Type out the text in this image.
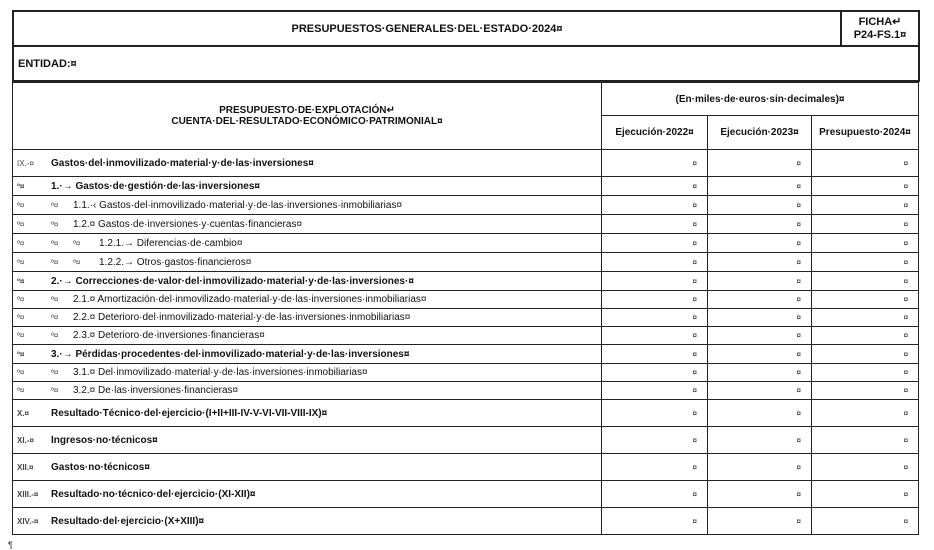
PRESUPUESTOS·GENERALES·DEL·ESTADO·2024¤	
FICHA↵
P24-FS.1¤

ENTIDAD:¤
PRESUPUESTO·DE·EXPLOTACIÓN↵
CUENTA·DEL·RESULTADO·ECONÓMICO·PATRIMONIAL¤	(En·miles·de·euros·sin·decimales)¤		
	Ejecución·2022¤	Ejecución·2023¤	Presupuesto·2024¤
IX.-¤ Gastos·del·inmovilizado·material·y·de·las·inversiones¤	¤	¤	¤
º¤ 1.·→ Gastos·de·gestión·de·las·inversiones¤	¤	¤	¤
º¤ º¤ 1.1.·‹ Gastos·del·inmovilizado·material·y·de·las·inversiones·inmobiliarias¤	¤	¤	¤
º¤ º¤ 1.2.¤ Gastos·de·inversiones·y·cuentas·financieras¤	¤	¤	¤
º¤ º¤ º¤ 1.2.1.→ Diferencias·de·cambio¤	¤	¤	¤
º¤ º¤ º¤ 1.2.2.→ Otros·gastos·financieros¤	¤	¤	¤
º¤ 2.·→ Correcciones·de·valor·del·inmovilizado·material·y·de·las·inversiones·¤	¤	¤	¤
º¤ º¤ 2.1.¤ Amortización·del·inmovilizado·material·y·de·las·inversiones·inmobiliarias¤	¤	¤	¤
º¤ º¤ 2.2.¤ Deterioro·del·inmovilizado·material·y·de·las·inversiones·inmobiliarias¤	¤	¤	¤
º¤ º¤ 2.3.¤ Deterioro·de·inversiones·financieras¤	¤	¤	¤
º¤ 3.·→ Pérdidas·procedentes·del·inmovilizado·material·y·de·las·inversiones¤	¤	¤	¤
º¤ º¤ 3.1.¤ Del·inmovilizado·material·y·de·las·inversiones·inmobiliarias¤	¤	¤	¤
º¤ º¤ 3.2.¤ De·las·inversiones·financieras¤	¤	¤	¤
X.¤ Resultado·Técnico·del·ejercicio·(I+II+III-IV-V-VI-VII-VIII-IX)¤	¤	¤	¤
XI.-¤ Ingresos·no·técnicos¤	¤	¤	¤
XII.¤ Gastos·no·técnicos¤	¤	¤	¤
XIII.-¤ Resultado·no·técnico·del·ejercicio·(XI-XII)¤	¤	¤	¤
XIV.-¤ Resultado·del·ejercicio·(X+XIII)¤	¤	¤	¤
¶
